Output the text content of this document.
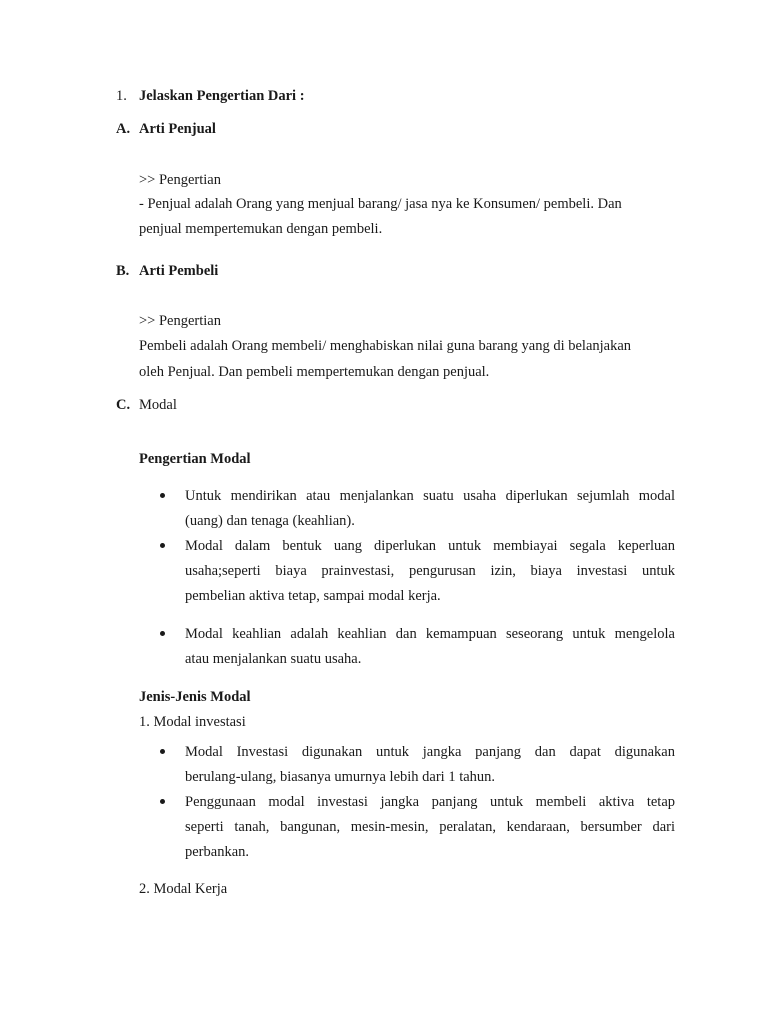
1. Jelaskan Pengertian Dari :
A. Arti Penjual
>> Pengertian
- Penjual adalah Orang yang menjual barang/ jasa nya ke Konsumen/ pembeli. Dan
penjual mempertemukan dengan pembeli.
B. Arti Pembeli
>> Pengertian
Pembeli adalah Orang membeli/ menghabiskan nilai guna barang yang di belanjakan
oleh Penjual. Dan pembeli mempertemukan dengan penjual.
C. Modal
Pengertian Modal
Untuk mendirikan atau menjalankan suatu usaha diperlukan sejumlah modal
(uang) dan tenaga (keahlian).
Modal dalam bentuk uang diperlukan untuk membiayai segala keperluan
usaha;seperti biaya prainvestasi, pengurusan izin, biaya investasi untuk
pembelian aktiva tetap, sampai modal kerja.
Modal keahlian adalah keahlian dan kemampuan seseorang untuk mengelola
atau menjalankan suatu usaha.
Jenis-Jenis Modal
1. Modal investasi
Modal Investasi digunakan untuk jangka panjang dan dapat digunakan
berulang-ulang, biasanya umurnya lebih dari 1 tahun.
Penggunaan modal investasi jangka panjang untuk membeli aktiva tetap
seperti tanah, bangunan, mesin-mesin, peralatan, kendaraan, bersumber dari
perbankan.
2. Modal Kerja
